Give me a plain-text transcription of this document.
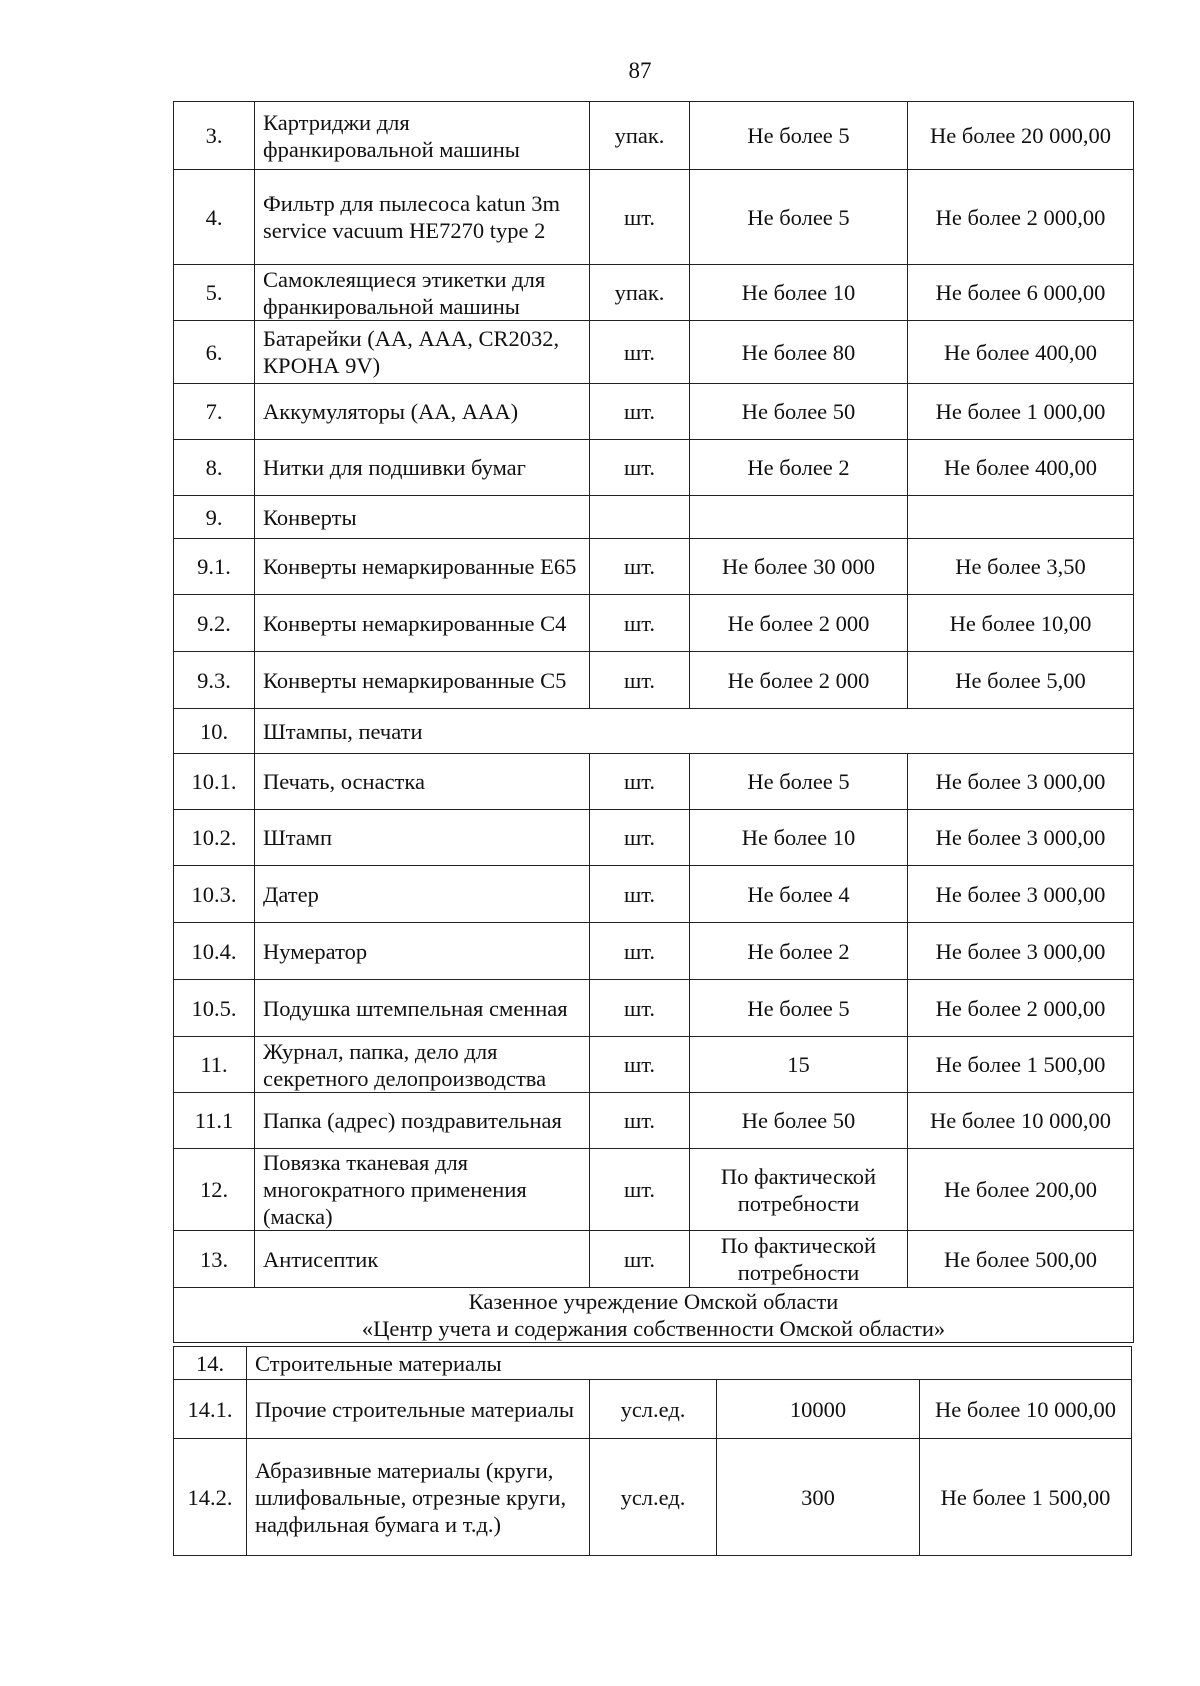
87
3.	Картриджи для франкировальной машины	упак.	Не более 5	Не более 20 000,00
4.	Фильтр для пылесоса katun 3m service vacuum HE7270 type 2	шт.	Не более 5	Не более 2 000,00
5.	Самоклеящиеся этикетки для франкировальной машины	упак.	Не более 10	Не более 6 000,00
6.	Батарейки (АА, ААА, CR2032, КРОНА 9V)	шт.	Не более 80	Не более 400,00
7.	Аккумуляторы (АА, ААА)	шт.	Не более 50	Не более 1 000,00
8.	Нитки для подшивки бумаг	шт.	Не более 2	Не более 400,00
9.	Конверты			
9.1.	Конверты немаркированные E65	шт.	Не более 30 000	Не более 3,50
9.2.	Конверты немаркированные C4	шт.	Не более 2 000	Не более 10,00
9.3.	Конверты немаркированные C5	шт.	Не более 2 000	Не более 5,00
10.	Штампы, печати			
10.1.	Печать, оснастка	шт.	Не более 5	Не более 3 000,00
10.2.	Штамп	шт.	Не более 10	Не более 3 000,00
10.3.	Датер	шт.	Не более 4	Не более 3 000,00
10.4.	Нумератор	шт.	Не более 2	Не более 3 000,00
10.5.	Подушка штемпельная сменная	шт.	Не более 5	Не более 2 000,00
11.	Журнал, папка, дело для секретного делопроизводства	шт.	15	Не более 1 500,00
11.1	Папка (адрес) поздравительная	шт.	Не более 50	Не более 10 000,00
12.	Повязка тканевая для многократного применения (маска)	шт.	По фактической потребности	Не более 200,00
13.	Антисептик	шт.	По фактической потребности	Не более 500,00

Казенное учреждение Омской области
«Центр учета и содержания собственности Омской области»				
14.	Строительные материалы			
14.1.	Прочие строительные материалы	усл.ед.	10000	Не более 10 000,00
14.2.	Абразивные материалы (круги, шлифовальные, отрезные круги, надфильная бумага и т.д.)	усл.ед.	300	Не более 1 500,00
